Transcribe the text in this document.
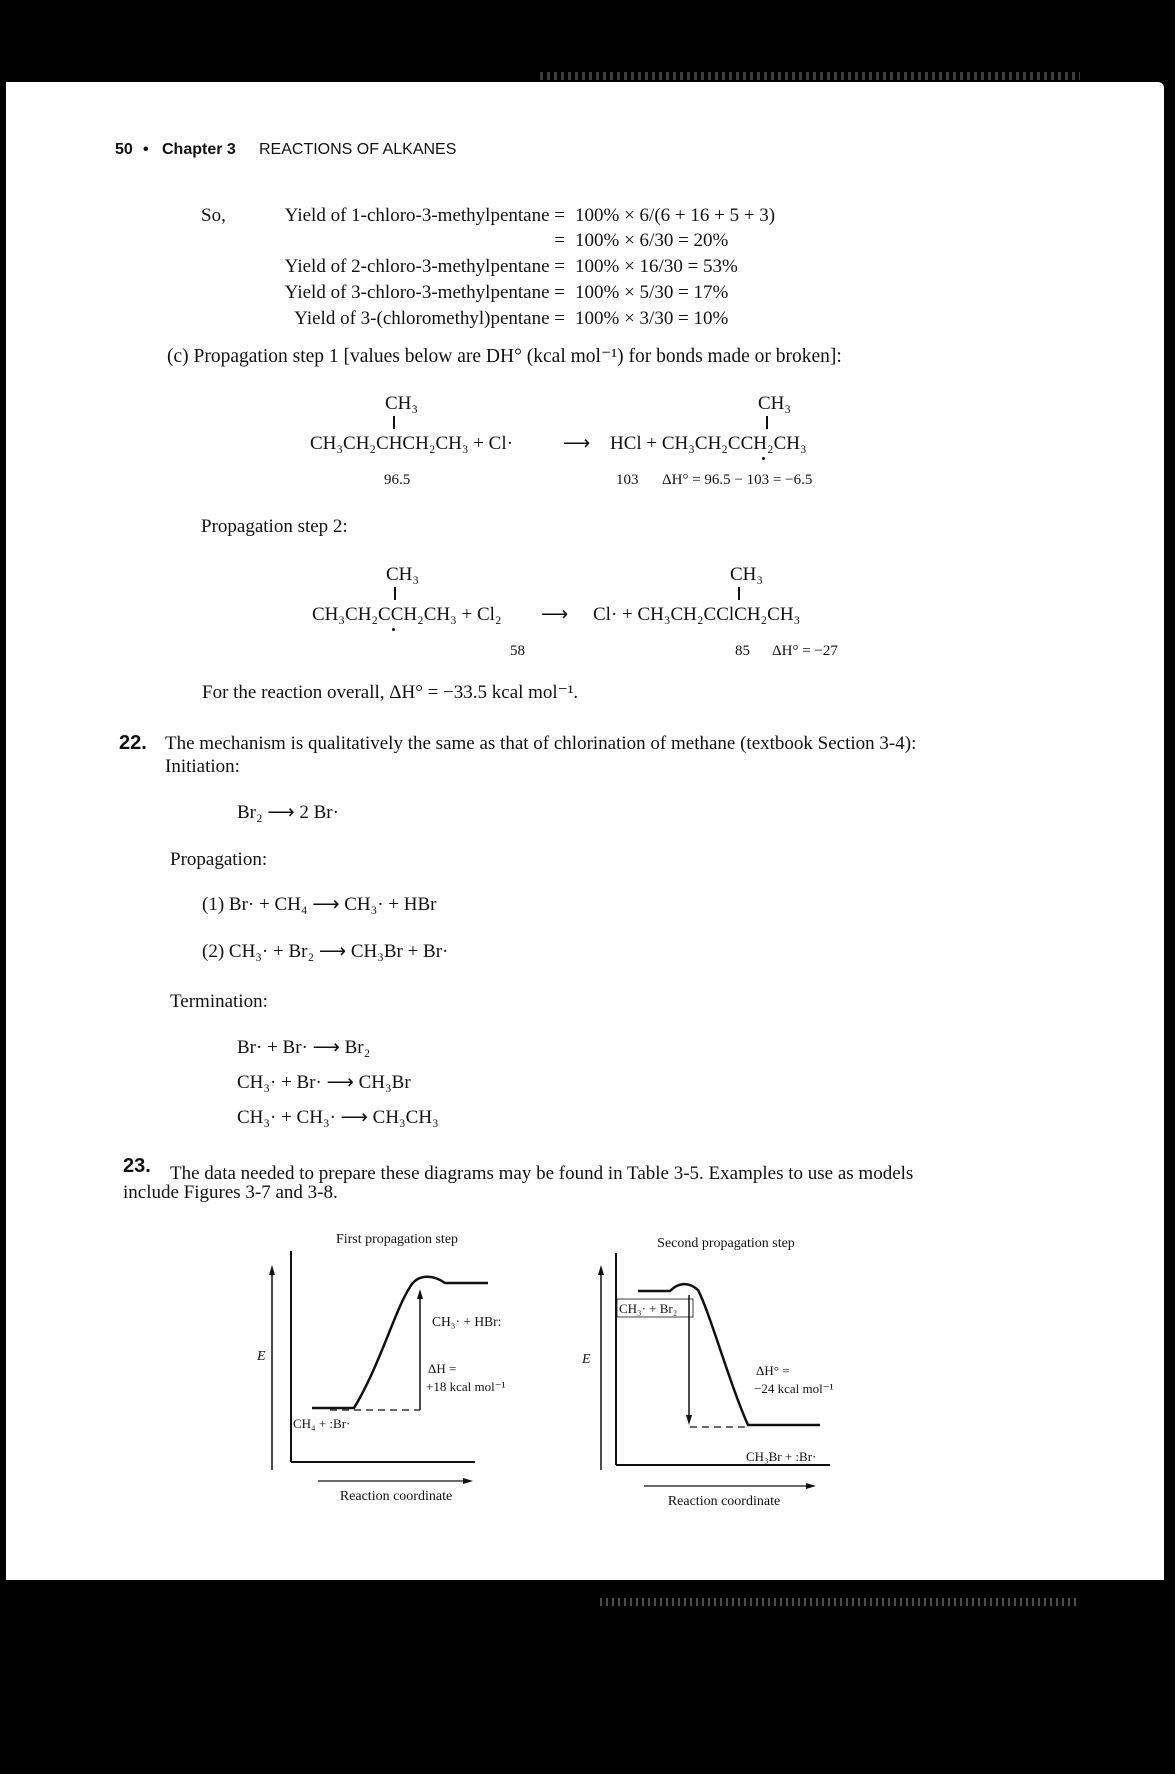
50 • Chapter 3 REACTIONS OF ALKANES
So,	Yield of 1-chloro-3-methylpentane = 100% × 6/(6 + 16 + 5 + 3)
= 100% × 6/30 = 20%
Yield of 2-chloro-3-methylpentane = 100% × 16/30 = 53%
Yield of 3-chloro-3-methylpentane = 100% × 5/30 = 17%
Yield of 3-(chloromethyl)pentane = 100% × 3/30 = 10%
(c) Propagation step 1 [values below are DH° (kcal mol⁻¹) for bonds made or broken]:
CH₃	CH₃
CH₃CH₂CHCH₂CH₃ + Cl·	⟶ HCl + CH₃CH₂CCH₂CH₃
96.5	103 ΔH° = 96.5 − 103 = −6.5
Propagation step 2:
CH₃	CH₃
CH₃CH₂CCH₂CH₃ + Cl₂ ⟶ Cl· + CH₃CH₂CClCH₂CH₃
58	85 ΔH° = −27
For the reaction overall, ΔH° = −33.5 kcal mol⁻¹.
22. The mechanism is qualitatively the same as that of chlorination of methane (textbook Section 3-4):
Initiation:
Br₂ ⟶ 2 Br·
Propagation:
(1) Br· + CH₄ ⟶ CH₃· + HBr
(2) CH₃· + Br₂ ⟶ CH₃Br + Br·
Termination:
Br· + Br· ⟶ Br₂
CH₃· + Br· ⟶ CH₃Br
CH₃· + CH₃· ⟶ CH₃CH₃
23. The data needed to prepare these diagrams may be found in Table 3-5. Examples to use as models
include Figures 3-7 and 3-8.
First propagation step
E
Reaction coordinate
CH₃· + HBr:
ΔH =
+18 kcal mol⁻¹
CH₄ + :Br·
Second propagation step
E
Reaction coordinate
CH₃· + Br₂
ΔH° =
−24 kcal mol⁻¹
CH₃Br + :Br·
